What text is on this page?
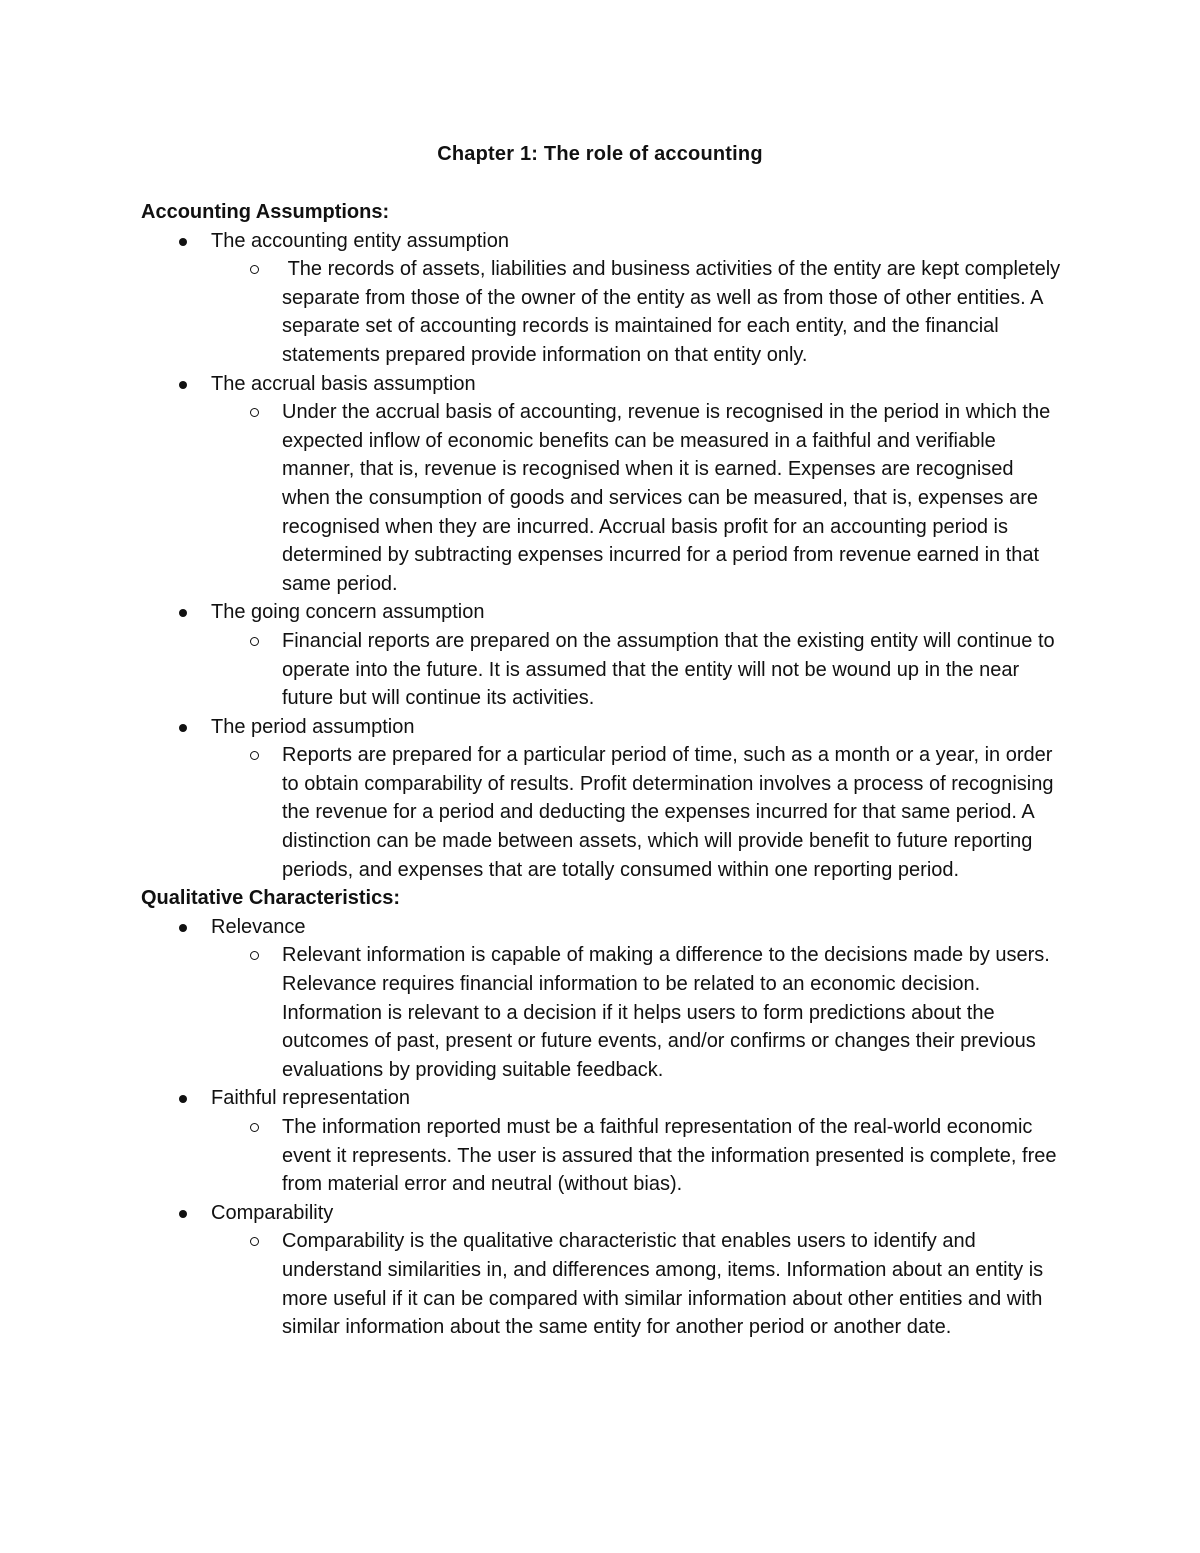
Chapter 1: The role of accounting
Accounting Assumptions:
The accounting entity assumption
The records of assets, liabilities and business activities of the entity are kept completely separate from those of the owner of the entity as well as from those of other entities. A separate set of accounting records is maintained for each entity, and the financial statements prepared provide information on that entity only.
The accrual basis assumption
Under the accrual basis of accounting, revenue is recognised in the period in which the expected inflow of economic benefits can be measured in a faithful and verifiable manner, that is, revenue is recognised when it is earned. Expenses are recognised when the consumption of goods and services can be measured, that is, expenses are recognised when they are incurred. Accrual basis profit for an accounting period is determined by subtracting expenses incurred for a period from revenue earned in that same period.
The going concern assumption
Financial reports are prepared on the assumption that the existing entity will continue to operate into the future. It is assumed that the entity will not be wound up in the near future but will continue its activities.
The period assumption
Reports are prepared for a particular period of time, such as a month or a year, in order to obtain comparability of results. Profit determination involves a process of recognising the revenue for a period and deducting the expenses incurred for that same period. A distinction can be made between assets, which will provide benefit to future reporting periods, and expenses that are totally consumed within one reporting period.
Qualitative Characteristics:
Relevance
Relevant information is capable of making a difference to the decisions made by users. Relevance requires financial information to be related to an economic decision. Information is relevant to a decision if it helps users to form predictions about the outcomes of past, present or future events, and/or confirms or changes their previous evaluations by providing suitable feedback.
Faithful representation
The information reported must be a faithful representation of the real-world economic event it represents. The user is assured that the information presented is complete, free from material error and neutral (without bias).
Comparability
Comparability is the qualitative characteristic that enables users to identify and understand similarities in, and differences among, items. Information about an entity is more useful if it can be compared with similar information about other entities and with similar information about the same entity for another period or another date.
